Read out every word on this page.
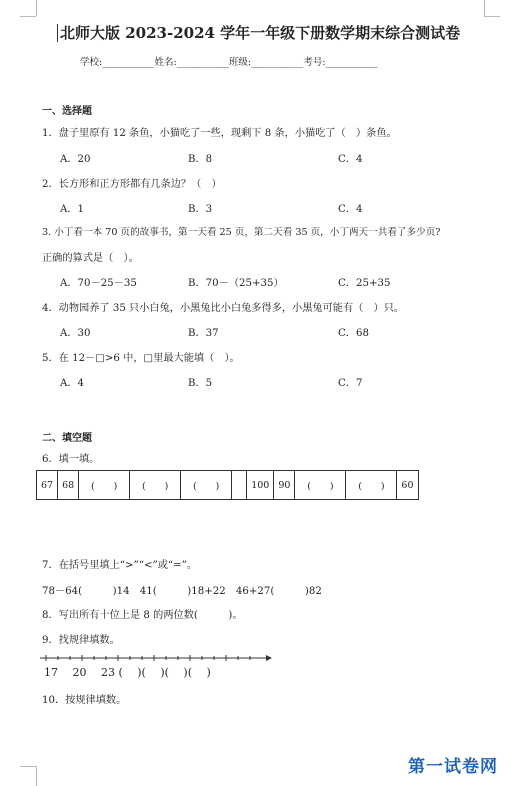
北师大版 2023-2024 学年一年级下册数学期末综合测试卷
学校:___________姓名:___________班级:___________考号:___________
一、选择题
1．盘子里原有 12 条鱼，小猫吃了一些，现剩下 8 条，小猫吃了（　）条鱼。
A．20	B．8	C．4
2．长方形和正方形都有几条边？（　）
A．1	B．3	C．4
3. 小丁看一本 70 页的故事书，第一天看 25 页，第二天看 35 页，小丁两天一共看了多少页?
正确的算式是（　）。
A．70－25－35	B．70－（25+35）	C．25+35
4．动物园养了 35 只小白兔，小黑兔比小白兔多得多，小黑兔可能有（　）只。
A．30	B．37	C．68
5．在 12－□>6 中，□里最大能填（　）。
A．4	B．5	C．7
二、填空题
6．填一填。
67	68	(　　)	(　　)	(　　)		100	90	(　　)	(　　)	60
7．在括号里填上“>”“<”或“=”。
78－64(　　　)14　41(　　　)18+22　46+27(　　　)82
8．写出所有十位上是 8 的两位数(　　　)。
9．找规律填数。
17　 20　 23 (　 )(　 )(　 )(　 )
10．按规律填数。
第一试卷网
